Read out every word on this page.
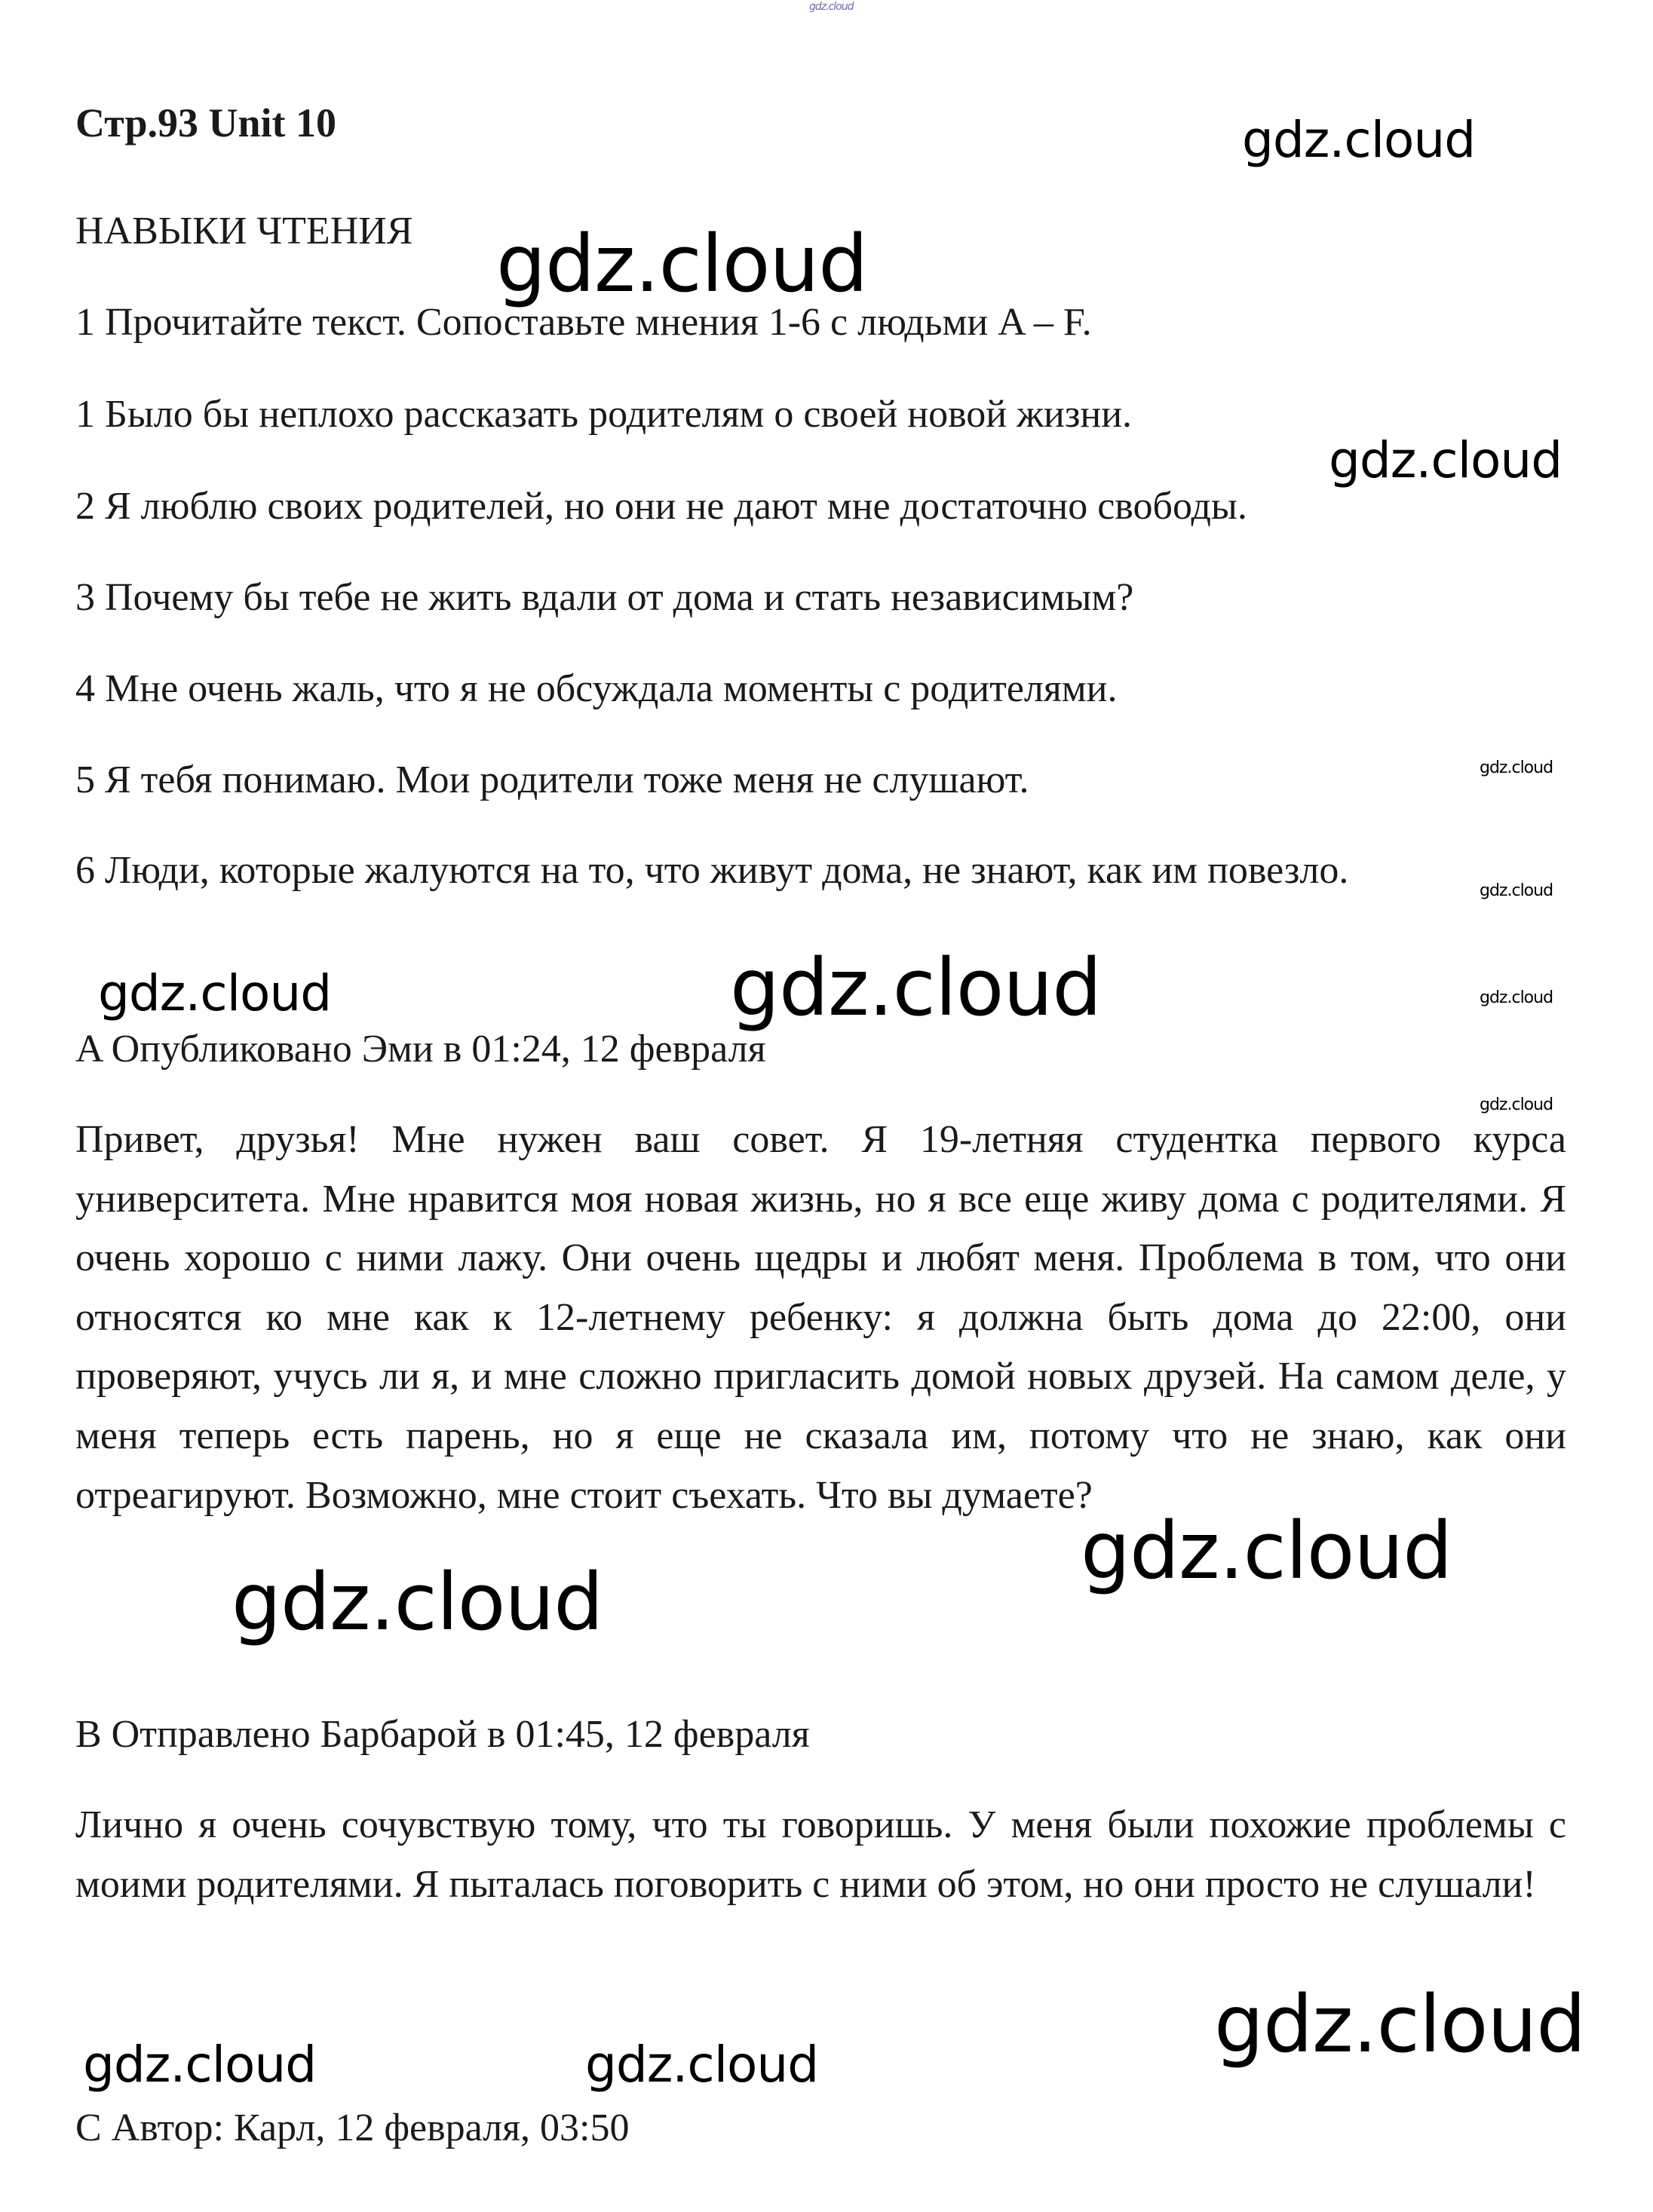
gdz.cloud
Стр.93 Unit 10
НАВЫКИ ЧТЕНИЯ
1 Прочитайте текст. Сопоставьте мнения 1-6 с людьми A – F.
1 Было бы неплохо рассказать родителям о своей новой жизни.
2 Я люблю своих родителей, но они не дают мне достаточно свободы.
3 Почему бы тебе не жить вдали от дома и стать независимым?
4 Мне очень жаль, что я не обсуждала моменты с родителями.
5 Я тебя понимаю. Мои родители тоже меня не слушают.
6 Люди, которые жалуются на то, что живут дома, не знают, как им повезло.
A Опубликовано Эми в 01:24, 12 февраля
Привет, друзья! Мне нужен ваш совет. Я 19-летняя студентка первого курса университета. Мне нравится моя новая жизнь, но я все еще живу дома с родителями. Я очень хорошо с ними лажу. Они очень щедры и любят меня. Проблема в том, что они относятся ко мне как к 12-летнему ребенку: я должна быть дома до 22:00, они проверяют, учусь ли я, и мне сложно пригласить домой новых друзей. На самом деле, у меня теперь есть парень, но я еще не сказала им, потому что не знаю, как они отреагируют. Возможно, мне стоит съехать. Что вы думаете?
B Отправлено Барбарой в 01:45, 12 февраля
Лично я очень сочувствую тому, что ты говоришь. У меня были похожие проблемы с моими родителями. Я пыталась поговорить с ними об этом, но они просто не слушали!
C Автор: Карл, 12 февраля, 03:50
gdz.cloud
gdz.cloud
gdz.cloud
gdz.cloud
gdz.cloud
gdz.cloud	gdz.cloud	gdz.cloud
gdz.cloud
gdz.cloud
gdz.cloud
gdz.cloud
gdz.cloud	gdz.cloud
